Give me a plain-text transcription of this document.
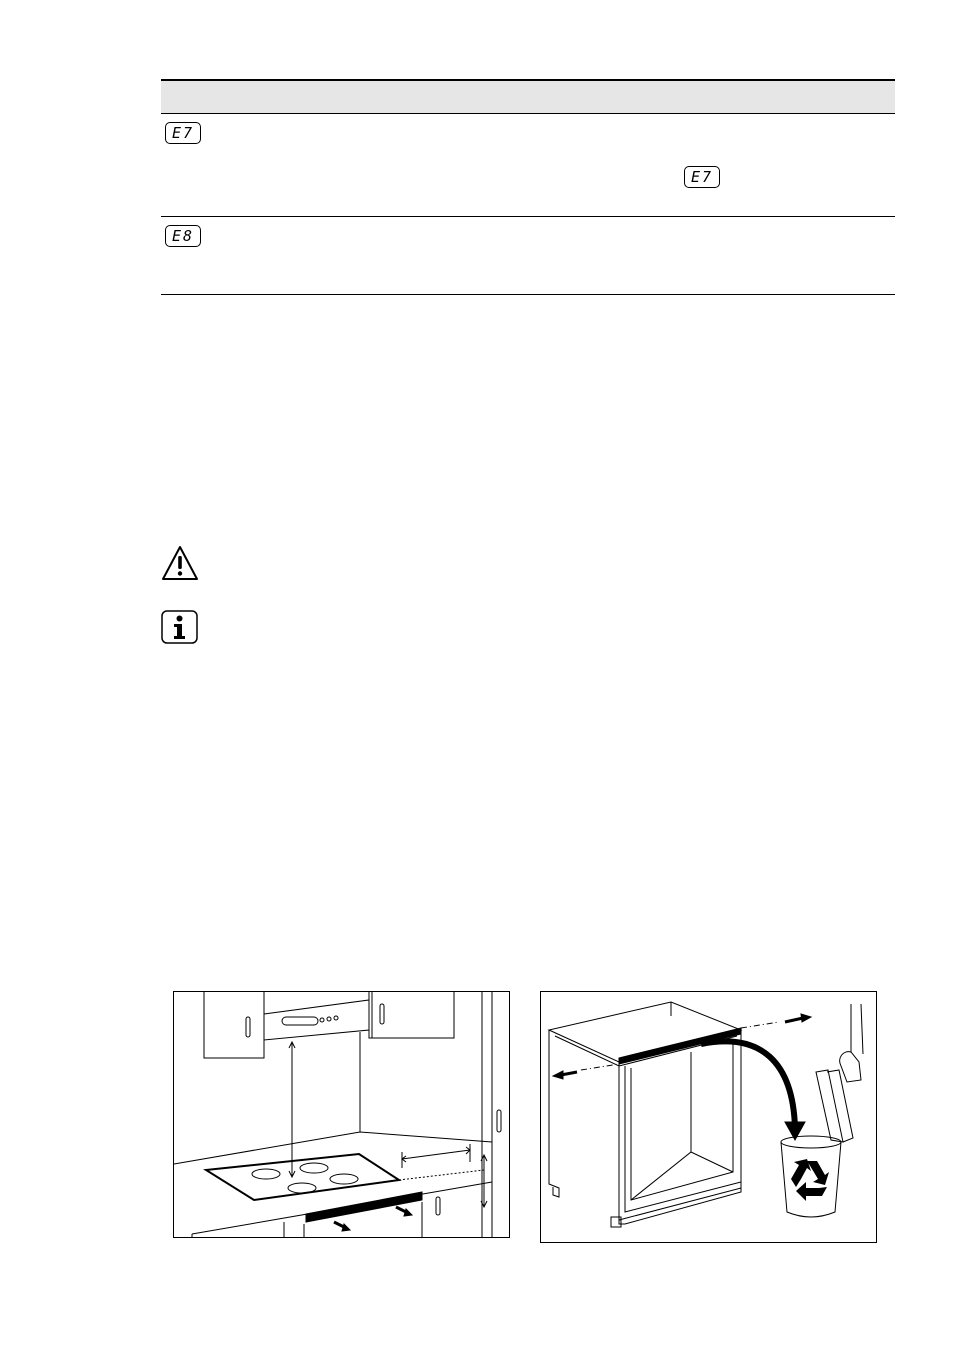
E7
E7
E8
